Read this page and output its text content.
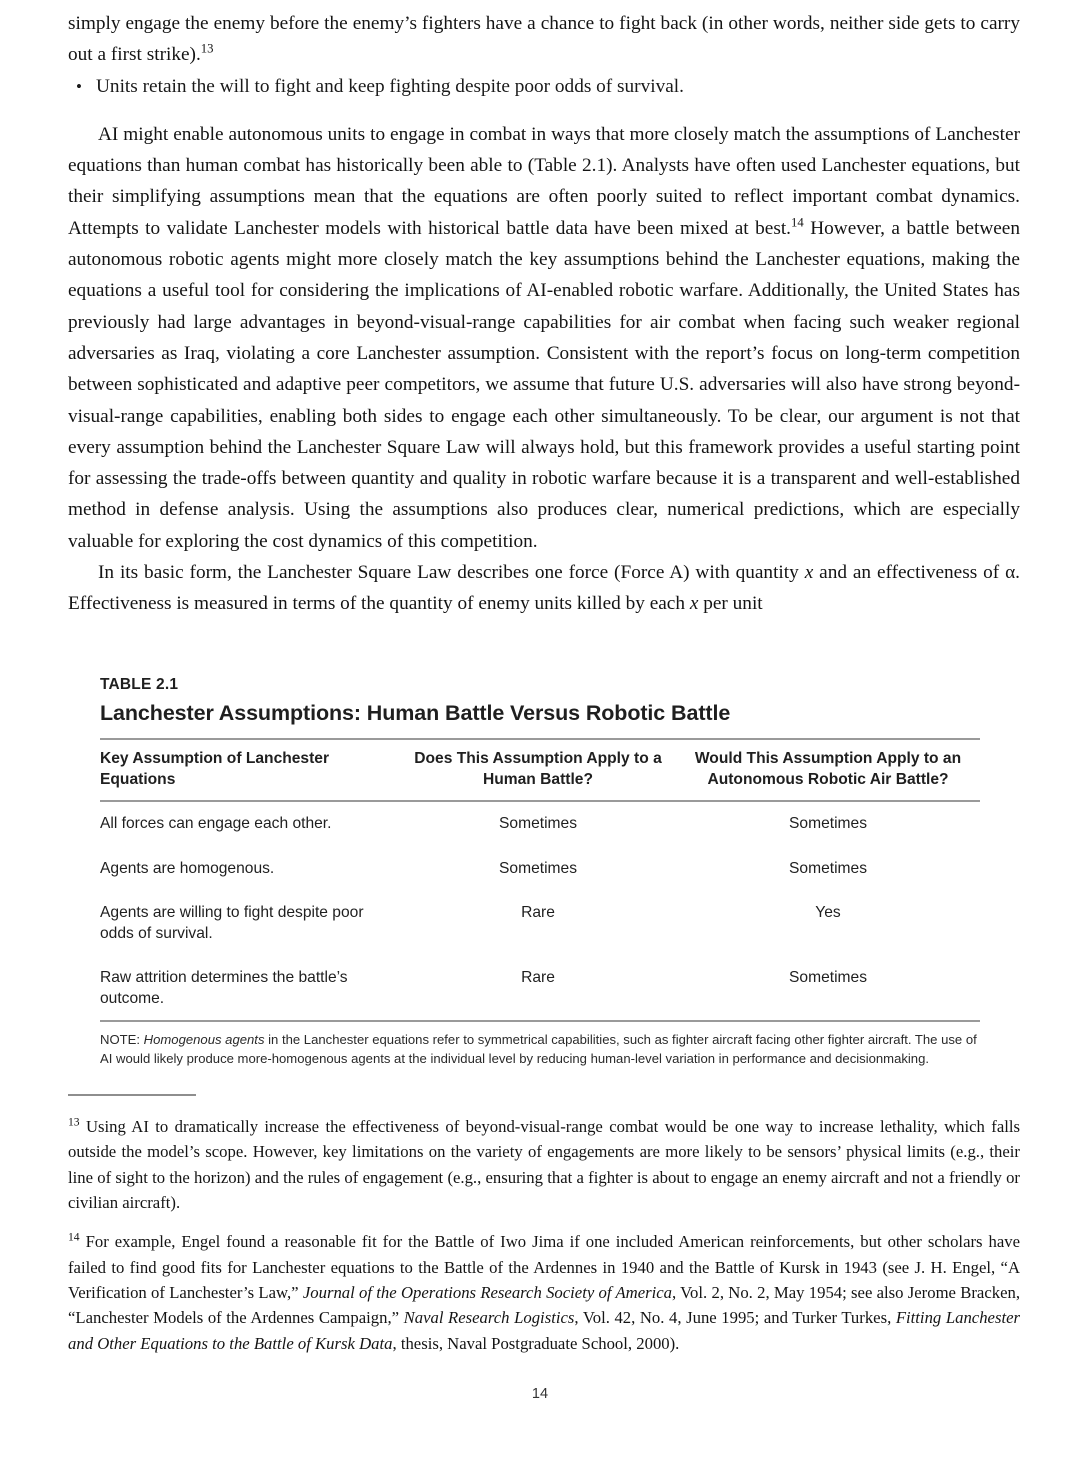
simply engage the enemy before the enemy’s fighters have a chance to fight back (in other words, neither side gets to carry out a first strike).$^{13}$

• Units retain the will to fight and keep fighting despite poor odds of survival.

AI might enable autonomous units to engage in combat in ways that more closely match the assumptions of Lanchester equations than human combat has historically been able to (Table 2.1). Analysts have often used Lanchester equations, but their simplifying assumptions mean that the equations are often poorly suited to reflect important combat dynamics. Attempts to validate Lanchester models with historical battle data have been mixed at best.$^{14}$ However, a battle between autonomous robotic agents might more closely match the key assumptions behind the Lanchester equations, making the equations a useful tool for considering the implications of AI-enabled robotic warfare. Additionally, the United States has previously had large advantages in beyond-visual-range capabilities for air combat when facing such weaker regional adversaries as Iraq, violating a core Lanchester assumption. Consistent with the report’s focus on long-term competition between sophisticated and adaptive peer competitors, we assume that future U.S. adversaries will also have strong beyond-visual-range capabilities, enabling both sides to engage each other simultaneously. To be clear, our argument is not that every assumption behind the Lanchester Square Law will always hold, but this framework provides a useful starting point for assessing the trade-offs between quantity and quality in robotic warfare because it is a transparent and well-established method in defense analysis. Using the assumptions also produces clear, numerical predictions, which are especially valuable for exploring the cost dynamics of this competition.

In its basic form, the Lanchester Square Law describes one force (Force A) with quantity x and an effectiveness of α. Effectiveness is measured in terms of the quantity of enemy units killed by each x per unit

TABLE 2.1
Lanchester Assumptions: Human Battle Versus Robotic Battle
Key Assumption of Lanchester Equations	Does This Assumption Apply to a Human Battle?	Would This Assumption Apply to an Autonomous Robotic Air Battle?
All forces can engage each other.	Sometimes	Sometimes
Agents are homogenous.	Sometimes	Sometimes
Agents are willing to fight despite poor odds of survival.	Rare	Yes
Raw attrition determines the battle’s outcome.	Rare	Sometimes
NOTE: Homogenous agents in the Lanchester equations refer to symmetrical capabilities, such as fighter aircraft facing other fighter aircraft. The use of AI would likely produce more-homogenous agents at the individual level by reducing human-level variation in performance and decisionmaking.

$^{13}$ Using AI to dramatically increase the effectiveness of beyond-visual-range combat would be one way to increase lethality, which falls outside the model’s scope. However, key limitations on the variety of engagements are more likely to be sensors’ physical limits (e.g., their line of sight to the horizon) and the rules of engagement (e.g., ensuring that a fighter is about to engage an enemy aircraft and not a friendly or civilian aircraft).

$^{14}$ For example, Engel found a reasonable fit for the Battle of Iwo Jima if one included American reinforcements, but other scholars have failed to find good fits for Lanchester equations to the Battle of the Ardennes in 1940 and the Battle of Kursk in 1943 (see J. H. Engel, “A Verification of Lanchester’s Law,” Journal of the Operations Research Society of America, Vol. 2, No. 2, May 1954; see also Jerome Bracken, “Lanchester Models of the Ardennes Campaign,” Naval Research Logistics, Vol. 42, No. 4, June 1995; and Turker Turkes, Fitting Lanchester and Other Equations to the Battle of Kursk Data, thesis, Naval Postgraduate School, 2000).

14
